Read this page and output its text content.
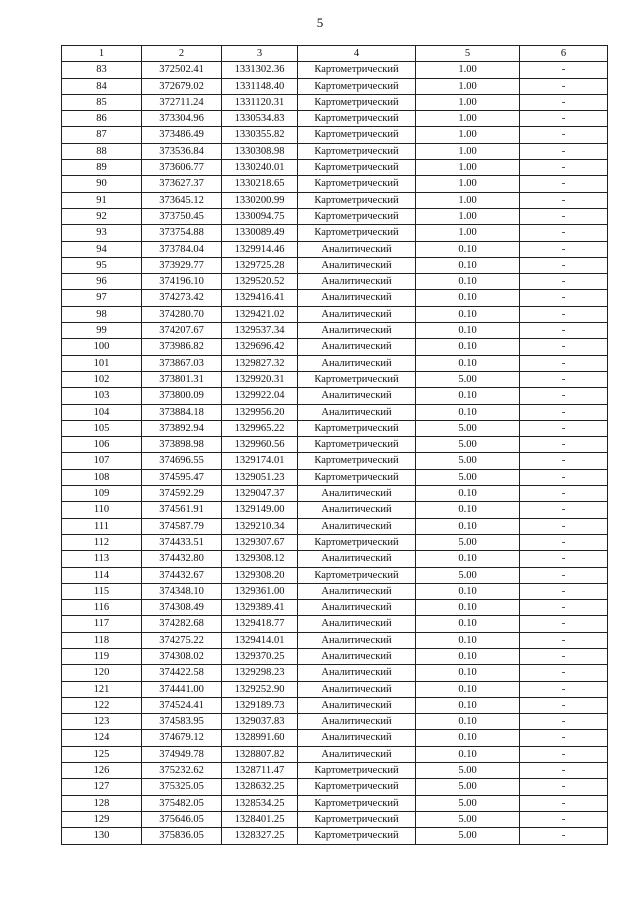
5
1	2	3	4	5	6
83	372502.41	1331302.36	Картометрический	1.00	-
84	372679.02	1331148.40	Картометрический	1.00	-
85	372711.24	1331120.31	Картометрический	1.00	-
86	373304.96	1330534.83	Картометрический	1.00	-
87	373486.49	1330355.82	Картометрический	1.00	-
88	373536.84	1330308.98	Картометрический	1.00	-
89	373606.77	1330240.01	Картометрический	1.00	-
90	373627.37	1330218.65	Картометрический	1.00	-
91	373645.12	1330200.99	Картометрический	1.00	-
92	373750.45	1330094.75	Картометрический	1.00	-
93	373754.88	1330089.49	Картометрический	1.00	-
94	373784.04	1329914.46	Аналитический	0.10	-
95	373929.77	1329725.28	Аналитический	0.10	-
96	374196.10	1329520.52	Аналитический	0.10	-
97	374273.42	1329416.41	Аналитический	0.10	-
98	374280.70	1329421.02	Аналитический	0.10	-
99	374207.67	1329537.34	Аналитический	0.10	-
100	373986.82	1329696.42	Аналитический	0.10	-
101	373867.03	1329827.32	Аналитический	0.10	-
102	373801.31	1329920.31	Картометрический	5.00	-
103	373800.09	1329922.04	Аналитический	0.10	-
104	373884.18	1329956.20	Аналитический	0.10	-
105	373892.94	1329965.22	Картометрический	5.00	-
106	373898.98	1329960.56	Картометрический	5.00	-
107	374696.55	1329174.01	Картометрический	5.00	-
108	374595.47	1329051.23	Картометрический	5.00	-
109	374592.29	1329047.37	Аналитический	0.10	-
110	374561.91	1329149.00	Аналитический	0.10	-
111	374587.79	1329210.34	Аналитический	0.10	-
112	374433.51	1329307.67	Картометрический	5.00	-
113	374432.80	1329308.12	Аналитический	0.10	-
114	374432.67	1329308.20	Картометрический	5.00	-
115	374348.10	1329361.00	Аналитический	0.10	-
116	374308.49	1329389.41	Аналитический	0.10	-
117	374282.68	1329418.77	Аналитический	0.10	-
118	374275.22	1329414.01	Аналитический	0.10	-
119	374308.02	1329370.25	Аналитический	0.10	-
120	374422.58	1329298.23	Аналитический	0.10	-
121	374441.00	1329252.90	Аналитический	0.10	-
122	374524.41	1329189.73	Аналитический	0.10	-
123	374583.95	1329037.83	Аналитический	0.10	-
124	374679.12	1328991.60	Аналитический	0.10	-
125	374949.78	1328807.82	Аналитический	0.10	-
126	375232.62	1328711.47	Картометрический	5.00	-
127	375325.05	1328632.25	Картометрический	5.00	-
128	375482.05	1328534.25	Картометрический	5.00	-
129	375646.05	1328401.25	Картометрический	5.00	-
130	375836.05	1328327.25	Картометрический	5.00	-
